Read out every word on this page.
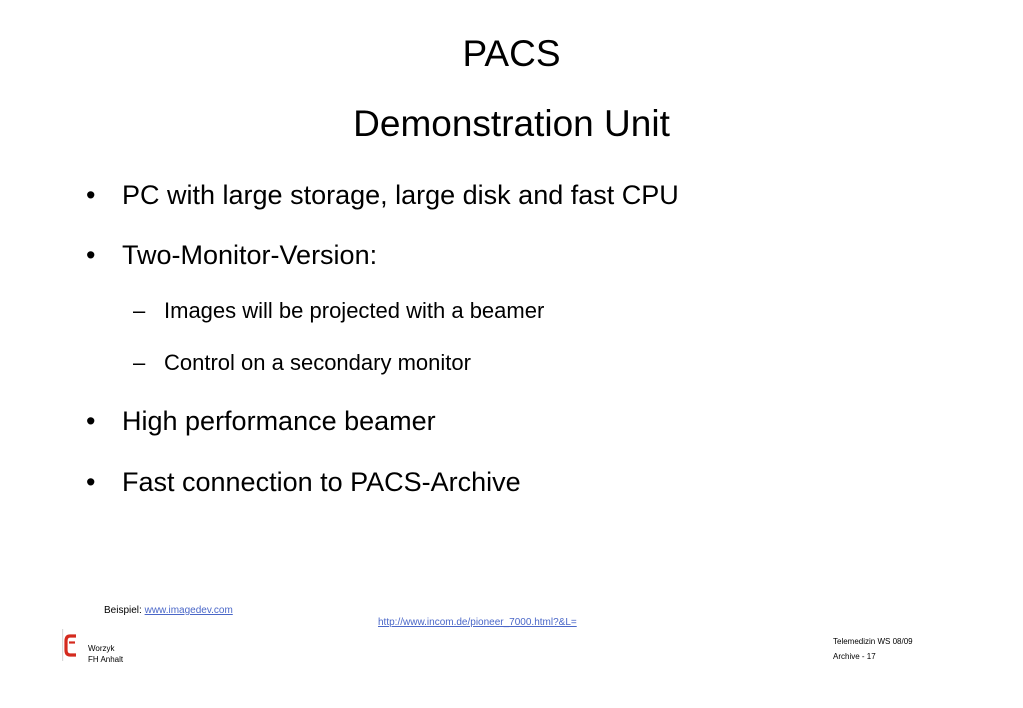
PACS
Demonstration Unit
• PC with large storage, large disk and fast CPU
• Two-Monitor-Version:
– Images will be projected with a beamer
– Control on a secondary monitor
• High performance beamer
• Fast connection to PACS-Archive
Beispiel: www.imagedev.com
http://www.incom.de/pioneer_7000.html?&L=
Worzyk
FH Anhalt
Telemedizin WS 08/09
Archive - 17
